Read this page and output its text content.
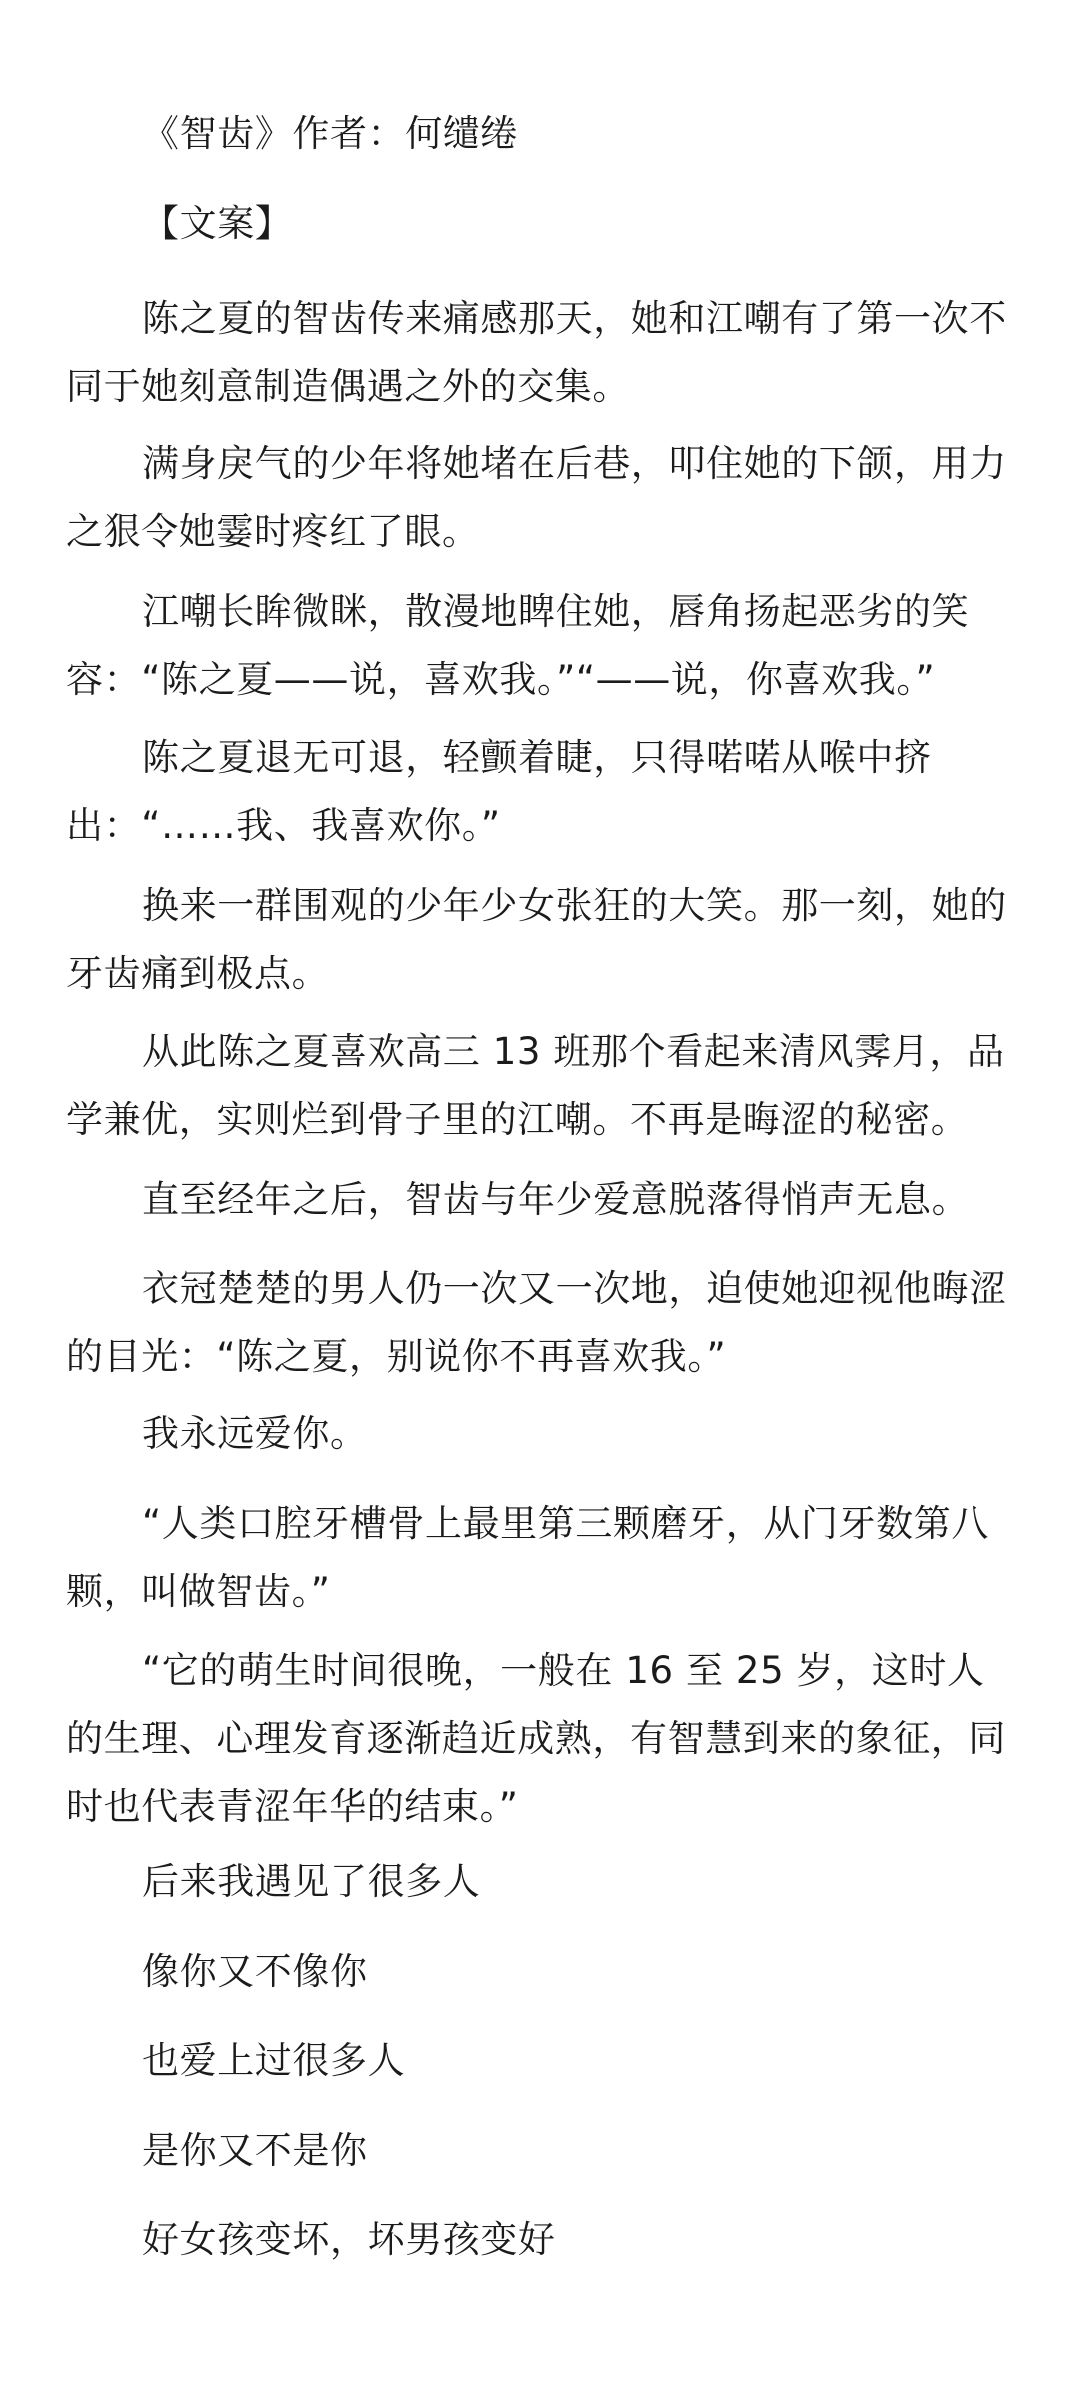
《智齿》作者：何缱绻

【文案】

陈之夏的智齿传来痛感那天，她和江嘲有了第一次不同于她刻意制造偶遇之外的交集。

满身戾气的少年将她堵在后巷，叩住她的下颌，用力之狠令她霎时疼红了眼。

江嘲长眸微眯，散漫地睥住她，唇角扬起恶劣的笑容：“陈之夏——说，喜欢我。”“——说，你喜欢我。”

陈之夏退无可退，轻颤着睫，只得喏喏从喉中挤出：“……我、我喜欢你。”

换来一群围观的少年少女张狂的大笑。那一刻，她的牙齿痛到极点。

从此陈之夏喜欢高三 13 班那个看起来清风霁月，品学兼优，实则烂到骨子里的江嘲。不再是晦涩的秘密。

直至经年之后，智齿与年少爱意脱落得悄声无息。

衣冠楚楚的男人仍一次又一次地，迫使她迎视他晦涩的目光：“陈之夏，别说你不再喜欢我。”

我永远爱你。

“人类口腔牙槽骨上最里第三颗磨牙，从门牙数第八颗，叫做智齿。”

“它的萌生时间很晚，一般在 16 至 25 岁，这时人的生理、心理发育逐渐趋近成熟，有智慧到来的象征，同时也代表青涩年华的结束。”

后来我遇见了很多人

像你又不像你

也爱上过很多人

是你又不是你

好女孩变坏，坏男孩变好
